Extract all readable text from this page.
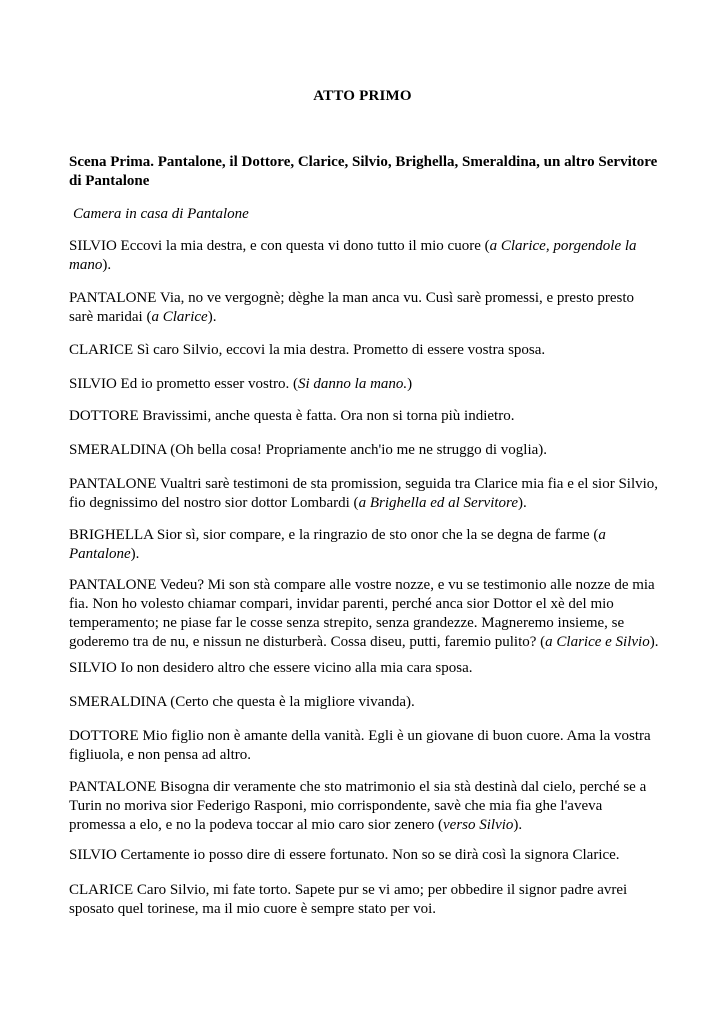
ATTO PRIMO
Scena Prima. Pantalone, il Dottore, Clarice, Silvio, Brighella, Smeraldina, un altro Servitore di Pantalone
Camera in casa di Pantalone

SILVIO Eccovi la mia destra, e con questa vi dono tutto il mio cuore (a Clarice, porgendole la mano).

PANTALONE Via, no ve vergognè; dèghe la man anca vu. Cusì sarè promessi, e presto presto sarè maridai (a Clarice).

CLARICE Sì caro Silvio, eccovi la mia destra. Prometto di essere vostra sposa.

SILVIO Ed io prometto esser vostro. (Si danno la mano.)

DOTTORE Bravissimi, anche questa è fatta. Ora non si torna più indietro.

SMERALDINA (Oh bella cosa! Propriamente anch'io me ne struggo di voglia).

PANTALONE Vualtri sarè testimoni de sta promission, seguida tra Clarice mia fia e el sior Silvio, fio degnissimo del nostro sior dottor Lombardi (a Brighella ed al Servitore).

BRIGHELLA Sior sì, sior compare, e la ringrazio de sto onor che la se degna de farme (a Pantalone).

PANTALONE Vedeu? Mi son stà compare alle vostre nozze, e vu se testimonio alle nozze de mia fia. Non ho volesto chiamar compari, invidar parenti, perché anca sior Dottor el xè del mio temperamento; ne piase far le cosse senza strepito, senza grandezze. Magneremo insieme, se goderemo tra de nu, e nissun ne disturberà. Cossa diseu, putti, faremio pulito? (a Clarice e Silvio).

SILVIO Io non desidero altro che essere vicino alla mia cara sposa.

SMERALDINA (Certo che questa è la migliore vivanda).

DOTTORE Mio figlio non è amante della vanità. Egli è un giovane di buon cuore. Ama la vostra figliuola, e non pensa ad altro.

PANTALONE Bisogna dir veramente che sto matrimonio el sia stà destinà dal cielo, perché se a Turin no moriva sior Federigo Rasponi, mio corrispondente, savè che mia fia ghe l'aveva promessa a elo, e no la podeva toccar al mio caro sior zenero (verso Silvio).

SILVIO Certamente io posso dire di essere fortunato. Non so se dirà così la signora Clarice.

CLARICE Caro Silvio, mi fate torto. Sapete pur se vi amo; per obbedire il signor padre avrei sposato quel torinese, ma il mio cuore è sempre stato per voi.
